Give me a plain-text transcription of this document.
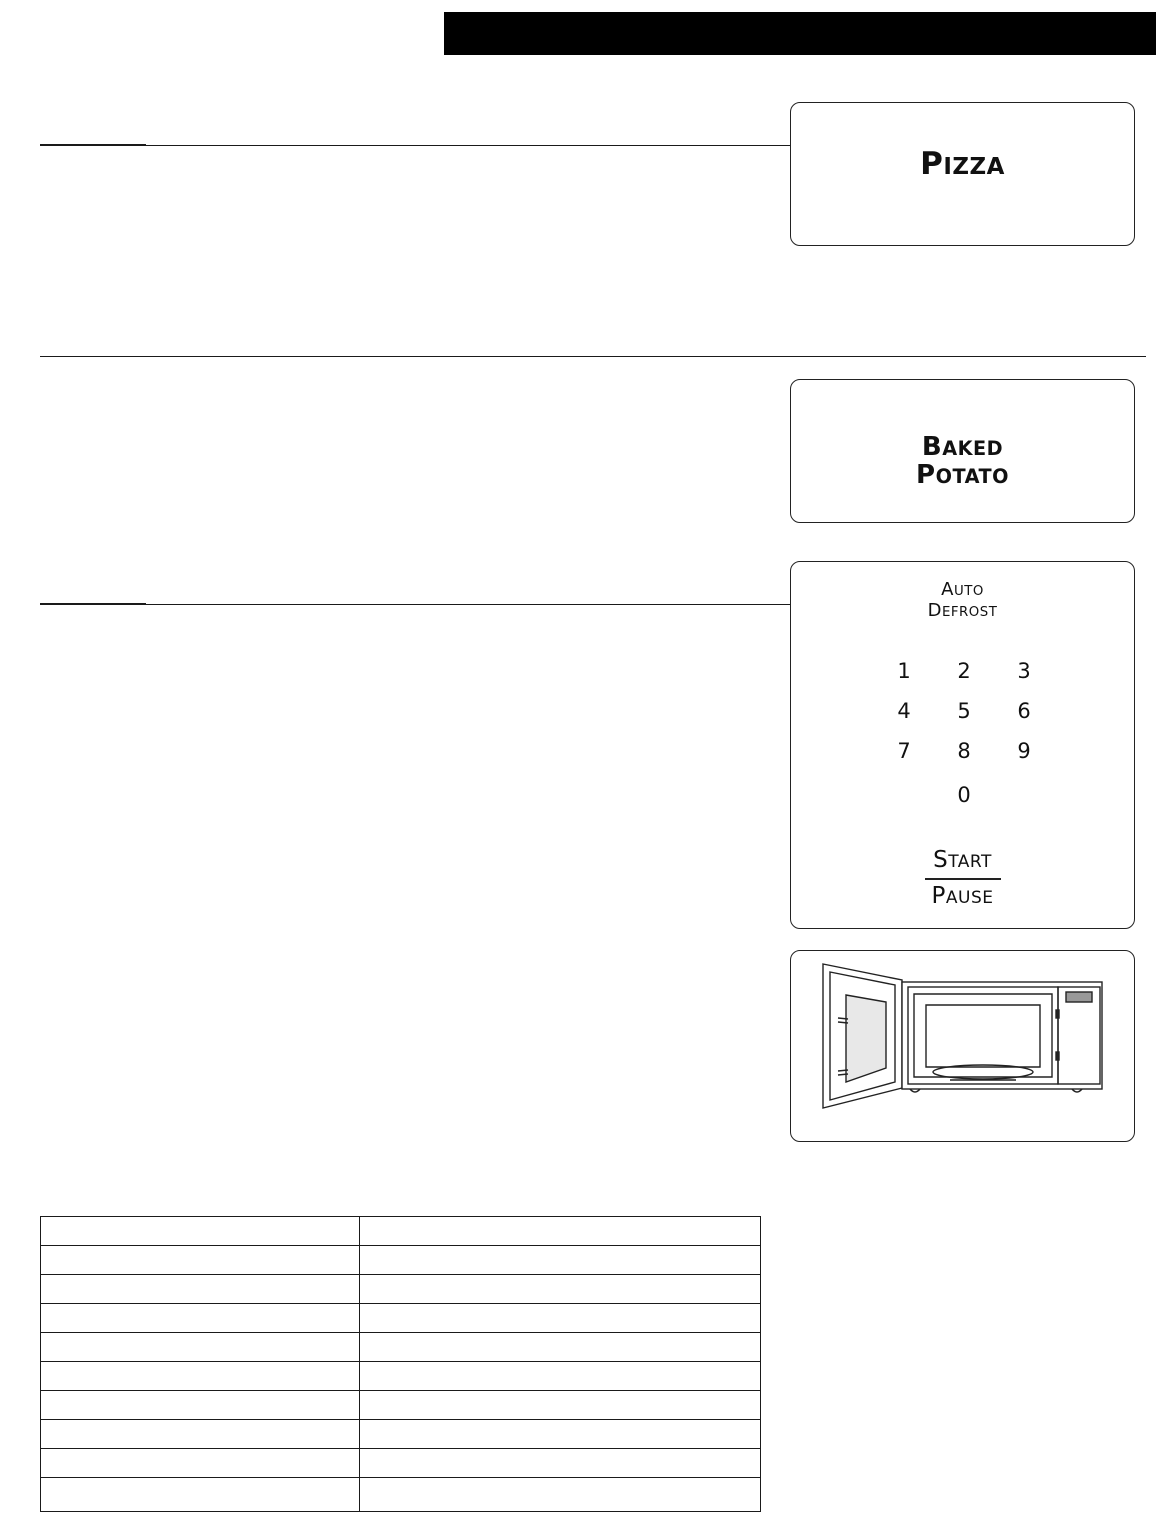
PIZZA
BAKED
POTATO
AUTO
DEFROST
1	2	3
4	5	6
7	8	9
0
START
PAUSE
